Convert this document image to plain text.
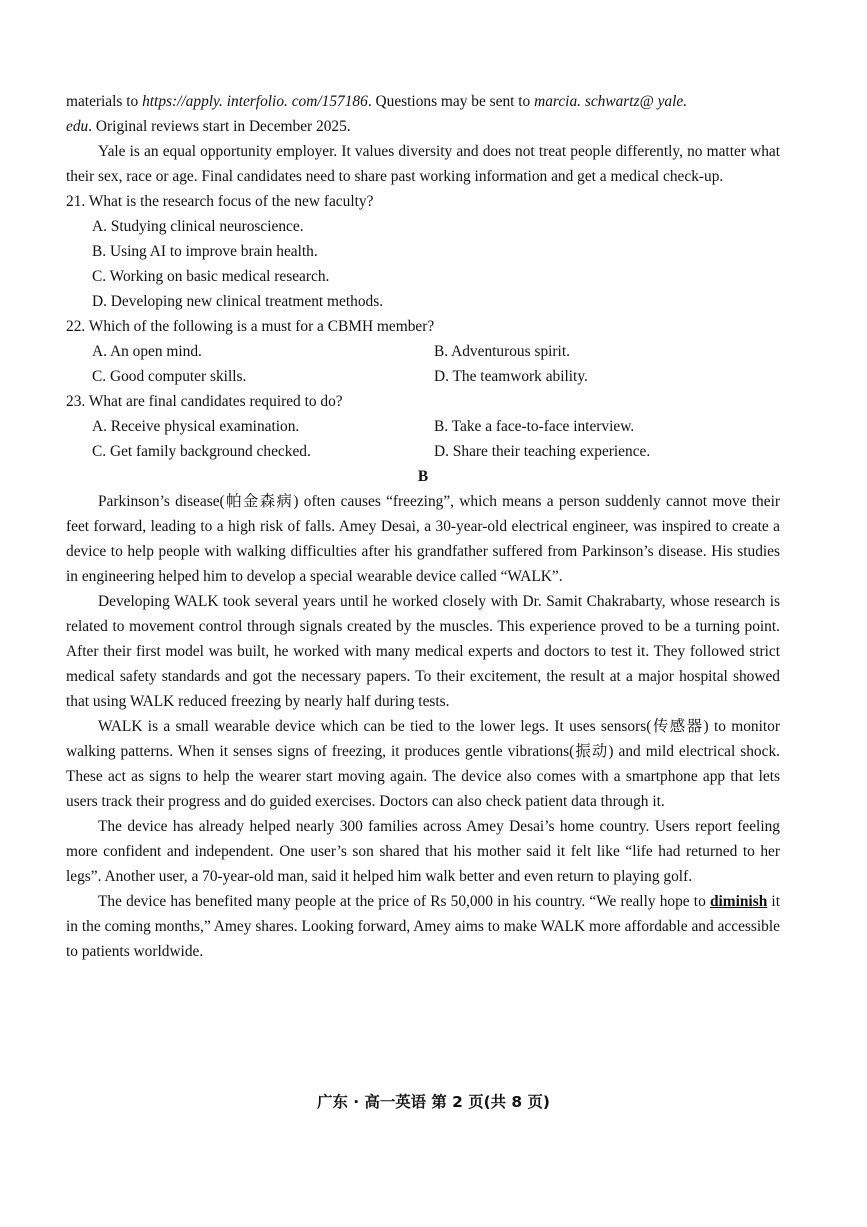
materials to https://apply. interfolio. com/157186. Questions may be sent to marcia. schwartz@ yale.
edu. Original reviews start in December 2025.

Yale is an equal opportunity employer. It values diversity and does not treat people differently, no matter what their sex, race or age. Final candidates need to share past working information and get a medical check-up.

21. What is the research focus of the new faculty?

A. Studying clinical neuroscience.

B. Using AI to improve brain health.

C. Working on basic medical research.

D. Developing new clinical treatment methods.

22. Which of the following is a must for a CBMH member?

A. An open mind.	B. Adventurous spirit.
C. Good computer skills.	D. The teamwork ability.

23. What are final candidates required to do?

A. Receive physical examination.	B. Take a face-to-face interview.
C. Get family background checked.	D. Share their teaching experience.

B

Parkinson’s disease(帕金森病) often causes “freezing”, which means a person suddenly cannot move their feet forward, leading to a high risk of falls. Amey Desai, a 30-year-old electrical engineer, was inspired to create a device to help people with walking difficulties after his grandfather suffered from Parkinson’s disease. His studies in engineering helped him to develop a special wearable device called “WALK”.

Developing WALK took several years until he worked closely with Dr. Samit Chakrabarty, whose research is related to movement control through signals created by the muscles. This experience proved to be a turning point. After their first model was built, he worked with many medical experts and doctors to test it. They followed strict medical safety standards and got the necessary papers. To their excitement, the result at a major hospital showed that using WALK reduced freezing by nearly half during tests.

WALK is a small wearable device which can be tied to the lower legs. It uses sensors(传感器) to monitor walking patterns. When it senses signs of freezing, it produces gentle vibrations(振动) and mild electrical shock. These act as signs to help the wearer start moving again. The device also comes with a smartphone app that lets users track their progress and do guided exercises. Doctors can also check patient data through it.

The device has already helped nearly 300 families across Amey Desai’s home country. Users report feeling more confident and independent. One user’s son shared that his mother said it felt like “life had returned to her legs”. Another user, a 70-year-old man, said it helped him walk better and even return to playing golf.

The device has benefited many people at the price of Rs 50,000 in his country. “We really hope to diminish it in the coming months,” Amey shares. Looking forward, Amey aims to make WALK more affordable and accessible to patients worldwide.

广东 · 高一英语 第 2 页(共 8 页)
